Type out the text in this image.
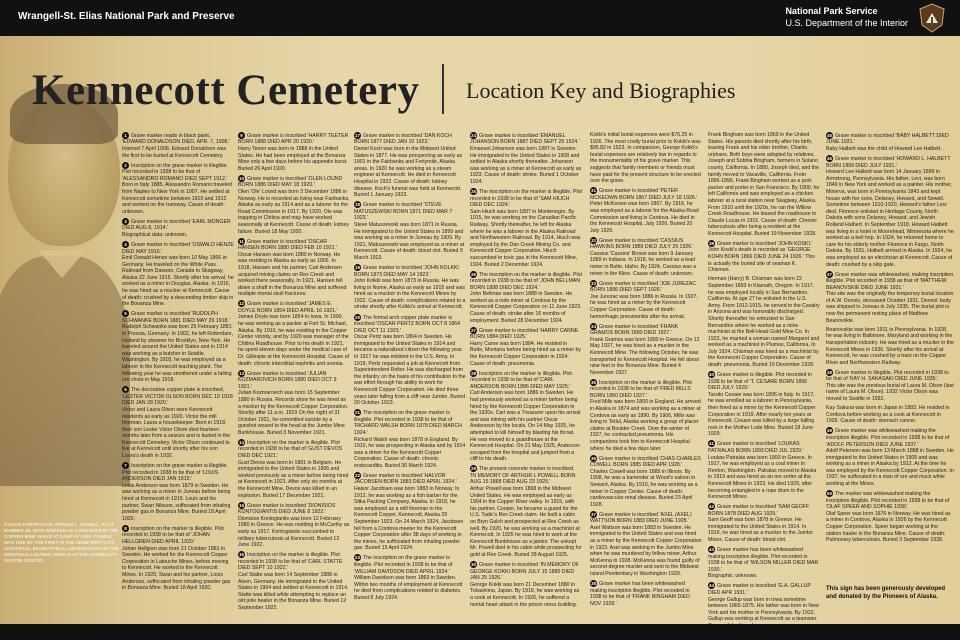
Wrangell-St. Elias National Park and Preserve	National Park Service
U.S. Department of the Interior
Kennecott Cemetery Location Key and Biographies
STUDIO PORTRAIT OF ARTHUR L. POWELL, PLOT NUMBER 28, WHO WORKED AS A ROUGHER IN THE COPPER MINE WHILE AT CAMP AT 1904. POWELL WAS ONE OF THE FIRST IN THE CEMETERY PLOT. ADDITIONAL BIOGRAPHICAL INFORMATION ON THE INDIVIDUALS BURIED HERE IS AT THE KENNECOTT VISITOR CENTER.
1 Grave marker reads in black paint, 'EDWARD DONALDSON DIED, APR. 7, 1908.'
Interred 7 April 1908, Edward Donaldson was the first to be buried at Kennecott Cemetery.
2 Inscription on the grave marker is illegible. Plot recorded in 1938 to be that of 'ALESSANDRO ROMANO DIED SEPT 1912.'
Born in Italy 1885, Alessandro Romano traveled from Naples to New York in 1907. He settled at Kennecott sometime between 1910 and 1912 and worked on the tramway. Cause of death: unknown.
3 Grave marker is inscribed 'EARL MONGER DIED AUG 8, 1914.'
Biographical data: unknown.
4 Grave marker is inscribed 'OSWALD HENZE DIED MAY 1916.'
Emil Oswald Henze was born 10 May 1866 in Germany. He traveled on the White Pass Railroad from Dawson, Canada to Skagway, Alaska 22 June 1915. Shortly after his arrival, he worked as a miner in Douglas, Alaska. In 1916, he was hired as a mucker at Kennecott. Cause of death: crushed by a descending timber skip in the Bonanza Mine.
5 Grave marker is inscribed 'RUDOLPH SCHWANKE BORN 1881 DIED MAY 29 1918.'
Rudolph Schwanke was born 25 February 1881 in Prussia, Germany. In 1902, he left Rotterdam, Holland by steamer for Brooklyn, New York. He traveled around the United States and in 1914 was working as a butcher in Seattle, Washington. By 1918, he was employed as a laborer in the Kennecott leaching plant. The following year he was smothered under a falling ore chute in May 1918.
6 The decorative copper plate is inscribed, 'LESTER VICTOR OLSON BORN DEC 19 1918 DIED JAN 28 1920.'
Victor and Laura Olson were Kennecott residents as early as 1920. Victor the mill foreman. Laura a housekeeper. Born in 1918, their son Lester Victor Olson died fourteen months later from a seizure and is buried in the Kennecott Cemetery. Victor Olson continued to live at Kennecott until shortly after his son Laura's death in 1932.
7 Inscription on the grave marker is illegible. Plot recorded in 1938 to be that of 'LOUIS ANDERSON DIED JAN 1919.'
Louis Anderson was born 1879 in Sweden. He was working as a miner in Juneau before being hired at Kennecott in 1919. Louis and his partner, Swan Nilsson, suffocated from inhaling powder gas in Bonanza Mine. Buried 18 April 1920.
8 Inscription on the marker is illegible. Plot recorded in 1938 to be that of 'JOHAN HELLGREN DIED APRIL 1920.'
Johan Hellgren was born 21 October 1881 in Sweden. He worked for the Kennecott Copper Corporation in Latouche Mines, before moving to Kennecott. He worked in the Kennecott Mines. In 1920, Swan and his partner, Louis Anderson, suffocated from inhaling powder gas in Bonanza Mine. Buried 18 April 1920.
9 Grave marker is inscribed 'HARRY TEETER BORN 1888 DIED APR 20 1920.'
Harry Teeter was born in 1888 in the United States. He had been employed at the Bonanza Mine only a few days before his appendix burst. Buried 26 April 1920.
10 Grave marker is inscribed 'OLEN LOUND BORN 1886 DIED MAY 18 1920.'
Olen 'Ole' Loünd was born 3 December 1886 in Norway. He is recorded as living near Fairbanks, Alaska as early as 1914 and as a laborer for the Road Commission in 1917. By 1920, Ole was trapping in Chitina and may have worked seasonally at Kennecott. Cause of death: kidney failure. Buried 18 May 1920.
11 Grave marker is inscribed 'OSCAR HANSEN BORN 1880 DIED FEB 10 1921.'
Oscar Hansen was born 1880 in Norway. He was residing in Alaska as early as 1905. In 1918, Hansen and his partner, Carl Andersen acquired mining claims on Rex Creek and worked there seasonally. In 1921, Hansen fell down a shaft in the Bonanza Mine and suffered multiple mortal skull fractures.
12 Grave marker is inscribed 'JAMES E. DOYLE BORN 1854 DIED APRIL 16 1921.'
James Doyle was born 1854 in Iowa. In 1900, he was working as a packer at Fort St. Michael, Alaska. By 1910, he was residing in the Copper Center vicinity, and by 1920 was manager of the Chitina Roadhouse. Prior to his death in 1921, he spent eleven days under the medical care of Dr. Gillespie at the Kennecott Hospital. Cause of death: chronic interstitial nephritis and uremia.
13 Grave marker is inscribed 'JULIAN KOZMAROVICH BORN 1880 DIED OCT 9 1921.'
Julian Kozmarovich was born 15 September 1880 in Russia. Records show he was hired as a mucker by the Kennecott Copper Corporation. Shortly after 11 a.m. 1919 On the night of 31 October 1921, he committed suicide by a gunshot wound to the head at the Jumbo Mine Bunkhouse. Buried 3 November 1921.
14 Inscription on the marker is illegible. Plot recorded in 1938 to be that of 'GUST DEVOS DIED DEC 1921.'
Gust Devos was born in 1881 in Belgium. He immigrated to the United States in 1906 and worked previously as a miner before being hired at Kennecott in 1921. After only six months at the Kennecott Mine, Devos was killed in an explosion. Buried 17 December 1921.
15 Grave marker is inscribed 'DIONISIOS KONTOGIANTIS DIED JUNE 8 1922.'
Dionisios Kontogiantis was born 12 February 1880 in Greece. He was residing in McCarthy as early as 1917. Kontogiantis succumbed to military tuberculosis at Kennecott. Buried 12 June 1922.
16 Inscription on the marker is illegible. Plot recorded in 1938 to be that of 'CARL STATTE DIED SEPT 10 1922.'
Carl Statte was born 14 September 1888 in Alsen, Germany. He immigrated to the United States in 1904 and settled at Kennecott in 1914. Statte was killed while attempting to replace an old pole heater in the Bonanza Mine. Buried 12 September 1922.
17 Grave marker is inscribed 'DAN KOCH BORN 1877 DIED JAN 10 1923.'
Daniel Koch was born in the Midwest United States in 1877. He was prospecting as early as 1901 in the Fairbanks and Fortymile, Alaska areas. In 1920 he was working as a steam engineer at Kennecott. He died in Kennecott Hospital in 1922. Cause of death: kidney disease. Koch's funeral was held at Kennecott. Buried 1 January 1923.
18 Grave marker is inscribed 'STEVE MATUSZEWSKI BORN 1871 DIED MAR 7 1923.'
Steve Matuszewski was born 1871 in Russia. He immigrated to the United States in 1899 and was working as a miner in Juneau by 1909. By 1921, Matuszewski was employed as a miner at Kennecott. Cause of death: blood clot. Buried 9 March 1923.
19 Grave marker is inscribed 'JOHN KOLKKI BORN 1873 DIED MAY 14 1923.'
John Kolkki was born 1873 in Russia. He was living in Nome, Alaska as early as 1915 and was hired as a mucker in the Kennecott Mines by 1922. Cause of death: complications related to a stroke shortly after Kolkki's arrival at Kennecott.
20 The formal arch copper plate marker is inscribed 'OSCAR PERTZ BORN OCT 8 1864 DIED OCT 11 1923.'
Oscar Pertz was born 1864 in Sweden. He immigrated to the United States in 1914 and became a naturalized citizen the following year. In 1917 he was enlisted in the U.S. Army. In 1919, Pertz requested a job at Kennecott from Superintendent Rolter. He was discharged from the infantry on the basis of his contribution to the war effort through his ability to work for Kennecott Copper Corporation. He died three years later falling from a cliff near Jumbo. Buried 20 October 1923.
21 The inscription on the grave marker is illegible. Plot recorded in 1938 to be that of 'RICHARD WALSH BORN 1878 DIED MARCH 1924.'
Richard Walsh was born 1878 in England. By 1910, he was prospecting in Alaska and by 1914 was a driver for the Kennecott Copper Corporation. Cause of death: chronic endocarditis. Buried 30 March 1924.
22 Grave marker is inscribed 'HALVOR JACOBSEN BORN 1883 DIED APRIL 1924.'
Halvor Jacobsen was born 1883 in Norway. In 1912, he was working as a fish barber for the Sitka Packing Company, Alaska. In 1918, he was employed as a mill foreman in the Kennecott Copper, Kennecott, Alaska 29 September 1923. On 24 March 1924, Jacobsen fell from a Cordova meeter for the Kennecott Copper Corporation after 38 days of working in the mines, he suffocated from inhaling powder gas. Buried 15 April 1924.
23 The inscription on the grave marker is illegible. Plot recorded in 1938 to be that of 'WILLIAM DAVIDSON DIED APRIL 1924.'
William Davidson was born 1863 in Sweden. Within two months of employment at Kennecott he died from complications related to diabetes. Buried 8 July 1924.
24 Grave marker is inscribed 'EMANUEL JOHANSON BORN 1887 DIED SEPT 28 1924.'
Emanuel Johanson was born 1887 in Sweden. He immigrated to the United States in 1908 and settled in Alaska shortly thereafter. Johanson was working as a miner at Kennecott as early as 1923. Cause of death: stroke. Buried 1 October 1924.
25 The inscription on the marker is illegible. Plot recorded in 1938 to be that of 'SAM HIUCH DIED DEC 1924.'
Sam Hiuch was born 1887 in Montenegro. By 1915, he was working on the Canadian Pacific Railway. Shortly thereafter, he left for Alaska where he was a laborer in the Alaska Railroad and Northwestern Railroad. By 1914, Hiuch was employed by the Dan Creek Mining Co. and Kennecott Copper Corporation. Hiuch succumbed to toxic gas in the Kennecott Mine, 1924. Buried 2 December 1924.
26 The inscription on the marker is illegible. Plot recorded in 1938 to be that of 'JOHN BELLMAN BORN 1888 DIED DEC 1924.'
John Bellman was born 1888 in Sweden. He worked as a lode miner at Cordova by the Kennecott Copper Corporation on 11 June 1923. Cause of death: stroke after 16 months of employment. Buried 28 December 1924.
27 Grave marker is inscribed 'HARRY CARNE BORN 1884 DIED 1925.'
Harry Carne was born 1884. He resided in Butte, Montana before being hired as a miner by the Kennecott Copper Corporation in 1924. Cause of death: pneumonia.
28 Inscription on the marker is illegible. Plot recorded in 1938 to be that of 'CARL ANDERSON BORN 1886 DIED MAY 1925.'
Carl Anderson was born 1886 in Sweden. He had previously worked as a miner before being hired by the Kennecott Copper Corporation in the 1920s. Carl was a Treasurer upon his arrival and was mining with his partner Oscar Andersson by the locals. On 14 May 1925, he attempted to kill himself by blasting his throat. He was moved to a guardhouse at the Kennecott Hospital. On 21 May 1925, Anderson escaped from the hospital and jumped from a cliff to his death.
29 The present concrete marker is inscribed, 'IN MEMORY OF ARTHUR L POWELL BORN AUG 15 1868 DIED AUG 23 1925.'
Arthur Powell was born 1868 in the Midwest United States. He was employed as early as 1904 in the Copper River valley. In 1915, with his partner, Cooper, he became a guard for the U.S. Tadic's Rex Creek claim. He built a cabin on Bryn Gulch and prospected at Rex Creek as well. By 1920, he was working as a machinist at Kennecott. In 1925 he was hired to work at the Kennecott Bunkhouse as a janitor. The unkept Mr. Powell died in his cabin while prospecting for gold at Rex Creek. Buried 28 August 1925.
30 Grave marker is inscribed 'IN MEMORY OF GEORGE KOKKI BORN JULY 15 1880 DIED JAN 25 1926.'
George Kokki was born 21 December 1880 in Tokashima, Japan. By 1918, he was working as a cook at Kennecott. In 1926, he suffered a mortal heart attack in the prison mess building.
Kokki's initial burial expenses were $76.25 in 1926. The most costly burial prior to Kokki's was $95.82 in 1923. In comparison, George Kokki's burial expenses are relatively low in regards to the monumentality of his grave marker. This suggests that family members or friends must have paid for the present structure to be erected over the grave.
31 Grave marker is inscribed 'PETER MCKEOWN BORN 1867 DIED JULY 18 1926.'
Peter McKeown was born 1867. By 1916, he was employed as a laborer for the Alaska Road Commission and living in Cordova. He died in the Kennecott Hospital, July 1926. Buried 20 July 1926.
32 Grave marker is inscribed 'CASSIUS HAWKINS BORN 1889 DIED JULY 29 1926.'
Cassius 'Cassins' Brown was born 9 January 1889 in Indiana. In 1918, he worked as a lead miner in Butte, Idaho. By 1924, Cassius was a miner in the Kline. Cause of death: unknown.
33 Grave marker is inscribed 'JOE JUREZAC BORN 1886 DIED SEPT 1926.'
Joe Jurezac was born 1886 in Russia. In 1927, he was hired as a miner by the Kennecott Copper Corporation. Cause of death: hemorrhagic pneumonitis after his arrival.
34 Grave marker is inscribed 'FRANK GRAMOS BORN 1890 DIED 1927.'
Frank Gramos was born 1890 in Greece. On 12 May 1927, he was hired as a mucker in the Kennecott Mine. The following October, he was transported to Kennecott Hospital. He fell about nine feet in the Bonanza Mine. Buried 4 November 1927.
35 Inscription on the marker is illegible. Plot recorded in 1938 to be that of 'FRED MILLS BORN 1860 DIED 1927.'
Fred Mills was born 1860 in England. He arrived in Alaska in 1874 and was working as a miner at Cordova as early as 1890. By 1906, Mills was living in Tetlul, Alaska working a group of placer claims at Boulder Creek. Over the winter of 1927, he contracted pneumonia. His companions took him to Kennecott Hospital where he died a few days later.
36 Grave marker is inscribed 'CHAS CHARLES COWELL BORN 1885 DIED APR 1928.'
Charles Cowell was born 1885 in Illinois. By 1908, he was a bartender at Wood's saloon in Seward, Alaska. By 1910, he was working as a miner in Copper Center. Cause of death: cardiovascular renal disease. Buried 23 April 1928.
37 Grave marker is inscribed 'AXEL (AXEL) WATTSON BORN 1883 DIED JUNE 1928.'
Axel Wattson was born 1883 in Sweden. He immigrated to the United States and was hired as a miner by the Kennecott Copper Corporation in 1923. Axel was working in the Jumbo Mine when he was murdered by fellow miner, Arthur McKenna in 1928. McKenna was found guilty of second-degree murder and sent to the Midwest Island Penitentiary in Washington 1929.
38 Grave marker has been whitewashed making inscription illegible. Plot recorded in 1938 to be that of 'FRANK BINGHAM DIED NOV 1928.'
Frank Bingham was born 1869 in the United States. His parents died shortly after his birth, leaving Frank and his older brother, Charlie, orphans. Both boys were adopted by relatives, Joseph and Sobhia Bingham, farmers in Solano county, California. In 1880, Joseph died, and the family moved to Vacaville, California. From 1886-1896, Frank Bingham worked as a pork packer and porter in San Francisco. By 1900, he left California and was employed as a chicken laborer at a rural station near Skagway, Alaska. From 1910 until the 1920s, he ran the Willow Creek Roadhouse. He leased the roadhouse to Claude Lucas in 1915. Cause of death: Chronic tuberculosis after being a resident at the Kennecott Hospital. Buried 19 November 1928.
39 Grave marker is inscribed 'JOHN KOSKI.'
John Koski's death is recorded as 'GEORGE KOHN BORN 1866 DIED JUNE 24 1926.' This is actually the buried site of seaman K. Chisman.
Herman (Harry) B. Chisman was born 22 September 1893 in Klamath, Oregon. In 1917, he was employed locally in San Bernardino, California. At age 27 he enlisted in the U.S. Army. From 1912-1915, he served in the Cavalry in Arizona and was honorably discharged. Shortly thereafter he entrusted to San Bernardino where he worked as a mine machinist at the Bell-Head Gold Mine Co. In 1923, he married a woman named Margaret and worked as a machinist in Plumas, California. In July 1924, Chisman was hired as a machinist by the Kennecott Copper Corporation. Cause of death: pneumonia. Buried 19 December 1928.
40 Grave marker is illegible. Plot recorded in 1938 to be that of 'T. CESARE BORN 1896 DIED JULY 1929.'
Tarsito Cesare was born 1896 in Italy. In 1917, he was enrolled as a laborer in Pennsylvania, then hired as a miner by the Kennecott Copper Corporation in 1919. After nearly ten years at Kennecott, Cesare was killed by a large falling rock in the Mother Lode Mine. Buried 18 June 1929.
41 Grave marker is inscribed 'LOUKAS PATRALAS BORN 1893 DIED JUL 1929.'
Loukas Patralas was born 1893 in Greece. In 1917, he was employed as a coal miner in Renton, Washington. Patralas moved to Alaska in 1919 and was hired as an ore sorter at the Kennecott Mines in 1923. He died 1929, after becoming entangled in a rope drum in the Kennecott Mines.
42 Grave marker is inscribed 'SAM GEOFF BORN 1878 DIED AUG 1929.'
Sam Geoff was born 1878 in Greece. He immigrated to the United States in 1914. In 1919, he was hired as a mucker in the Jumbo Mines. Cause of death: blood clot.
43 Grave marker has been whitewashed making inscription illegible. Plot recorded in 1938 to be that of 'WILSON MILLER DIED MAR 1930.'
Biographic: unknown.
44 Grave marker is inscribed 'G.A. GALLUP DIED APR 1931.'
George Gallup was born in Iowa sometime between 1865-1875. His father was born in New York and his mother in Pennsylvania. By 1922, Gallup was working at Kennecott as a teamster.
45 Grave marker is inscribed 'BABY HALBETT DIED JUNE 1931.'
Baby Halbett was the child of Howard Lee Halbett.
46 Grave marker is inscribed 'HOWARD L. HALBETT BORN 1899 DIED JULY 1931.'
Howard Lee Halbett was born 14 January 1899 in Armstrong, Pennsylvania. His father, Levi, was born 1849 in New York and worked as a painter. His mother, Minerva, was born in Pennsylvania 1843 and kept house with her sons, Delaney, Howard, and Sewell. Sometime between 1910-1920, Howard's father Levi died. Florence enlisted in Heritage County, North Dakota with sons Delaney, Howard, and Jewish Rolland Halbert. In September 1918, Howard Halbett was living in a hotel in Moorehead, Minnesota where he worked as a bell hop. In 1924, he returned home to care for his elderly mother Florence in Fargo, North Dakota. By 1931, Halbett arrived in Alaska. In 1924, he was employed as an electrician at Kennecott. Cause of death: crushed by a skip gate.
47 Grave marker was whitewashed, making inscription illegible. Plot recorded in 1938 as that of 'MATTHEW BEANOVSKIE DIED JUNE 1931.'
This site was the originally the temporary burial location of A.W. Dennis, deceased October 1931. Dennis' body was shipped to Juneau in July 1935. The burial plot is now the permanent resting place of Matthew Beanovskie.
Beanovskie was born 1911 in Pennsylvania. In 1928, he was living in Baltimore, Maryland and working in the transportation industry. He was hired as a mucker in the Kennecott Mines in 1936. Shortly after his arrival at Kennecott, he was crushed by a tram on the Copper River and Northwestern Railway.
48 Grave marker is illegible. Plot recorded in 1938 to be that of 'KAY H. SAKASAKI DIED JUNE 1935.'
This site was the previous burial of Laura M. Olson (last name of Laura M. Olson). 1932 Victor Olson was moved to Seattle in 1932.
Kay Sakurai was born in Japan in 1883. He resided in Cordova before working as a cook at Kennecott in 1926. Cause of death: stomach cancer.
49 Grave marker was whitewashed making the inscription illegible. Plot recorded in 1938 to be that of 'ADOLF PETERSON DIED JUNE 1937.'
Adolf Peterson was born 13 March 1888 in Sweden. He immigrated to the United States in 1905 and was working as a miner in Alaska by 1912. At the time he was employed by the Kennecott Copper Corporation. In 1937, he suffocated in a man of ore and muck while working at the Mines.
50 The marker was whitewashed making the inscription illegible. Plot recorded in 1938 to be that of 'OLAF SPEER AND SOPHIE 1938.'
Olaf Speer was born 1876 in Norway. He was hired as a miner in Cordova, Alaska in 1926 by the Kennecott Copper Corporation. Speer began working at the station hauler in the Bonanza Mine. Cause of death: Pulmonary tuberculosis. Buried 3 September 1938.
This sign has been generously developed and donated by the Pioneers of Alaska.
